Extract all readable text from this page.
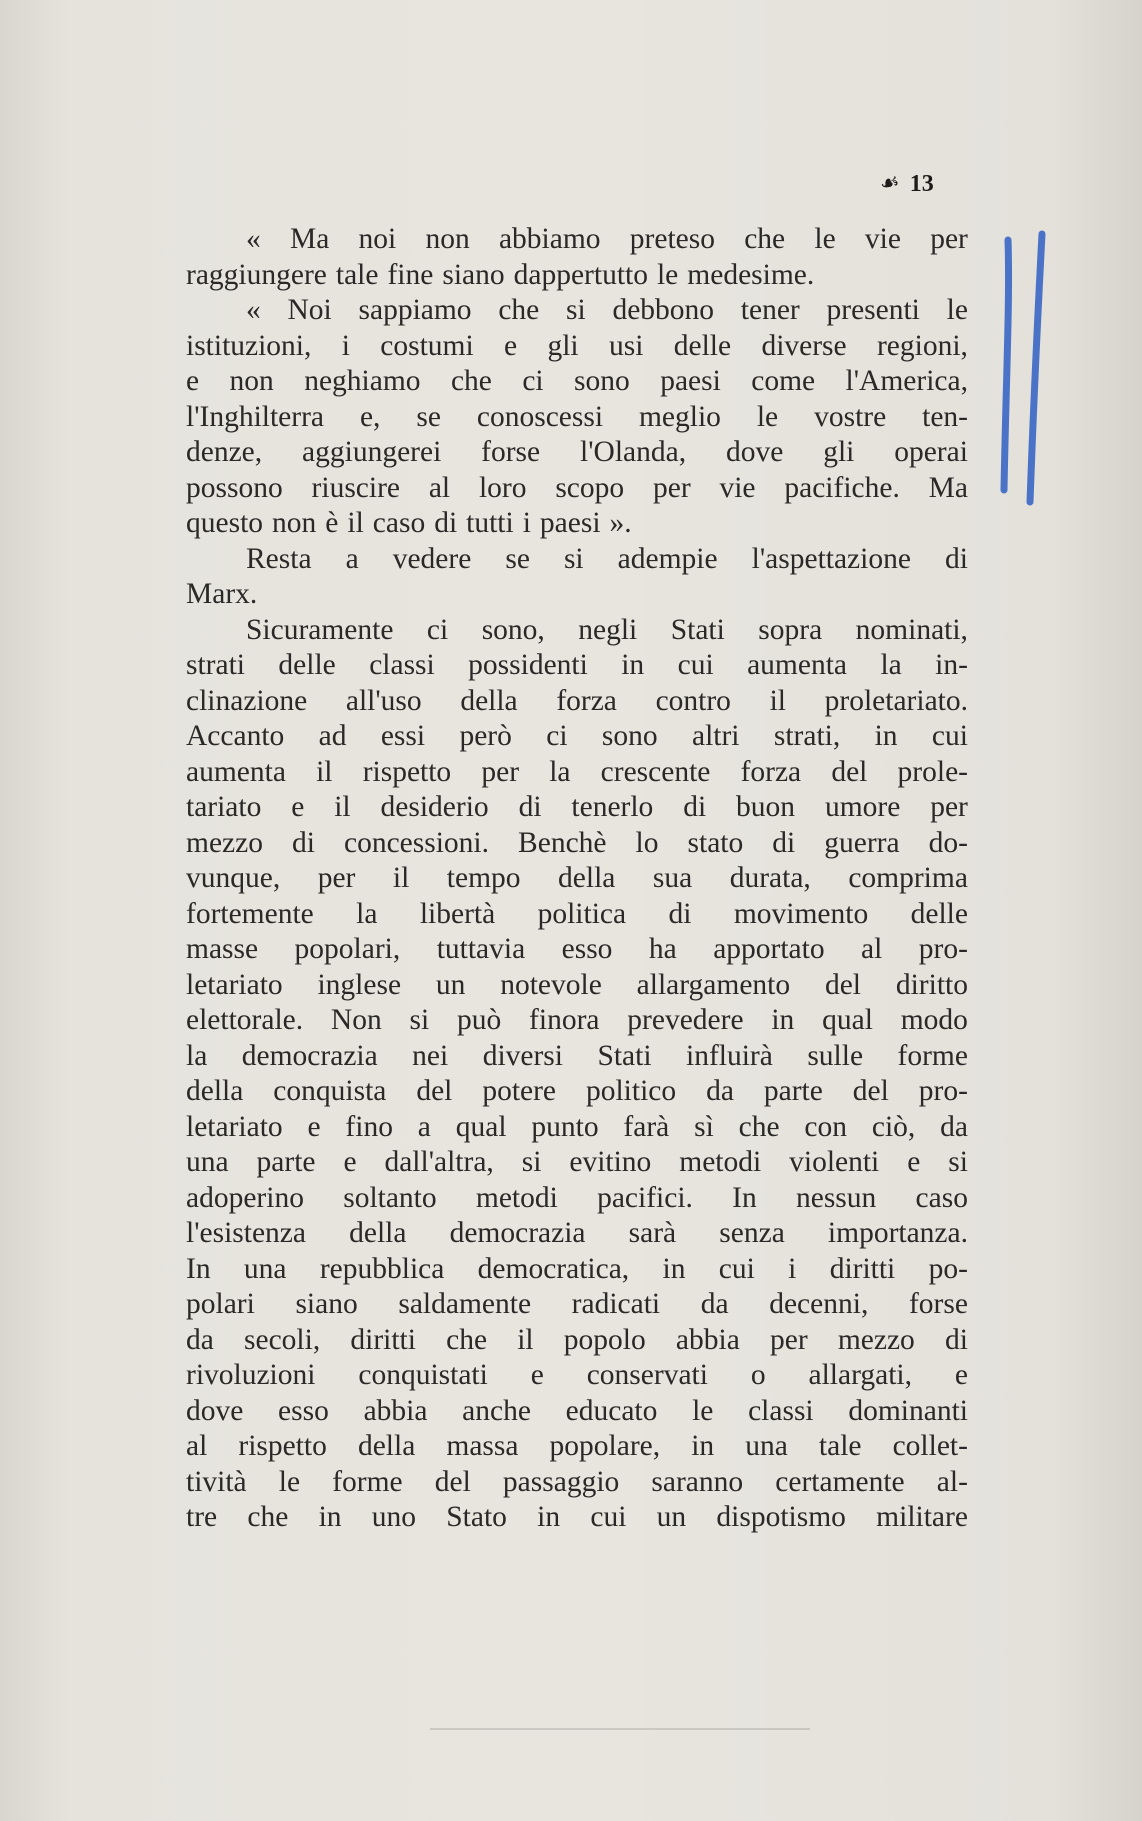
☙ 13
« Ma noi non abbiamo preteso che le vie per
raggiungere tale fine siano dappertutto le medesime.
« Noi sappiamo che si debbono tener presenti le
istituzioni, i costumi e gli usi delle diverse regioni,
e non neghiamo che ci sono paesi come l'America,
l'Inghilterra e, se conoscessi meglio le vostre ten-
denze, aggiungerei forse l'Olanda, dove gli operai
possono riuscire al loro scopo per vie pacifiche. Ma
questo non è il caso di tutti i paesi ».
Resta a vedere se si adempie l'aspettazione di
Marx.
Sicuramente ci sono, negli Stati sopra nominati,
strati delle classi possidenti in cui aumenta la in-
clinazione all'uso della forza contro il proletariato.
Accanto ad essi però ci sono altri strati, in cui
aumenta il rispetto per la crescente forza del prole-
tariato e il desiderio di tenerlo di buon umore per
mezzo di concessioni. Benchè lo stato di guerra do-
vunque, per il tempo della sua durata, comprima
fortemente la libertà politica di movimento delle
masse popolari, tuttavia esso ha apportato al pro-
letariato inglese un notevole allargamento del diritto
elettorale. Non si può finora prevedere in qual modo
la democrazia nei diversi Stati influirà sulle forme
della conquista del potere politico da parte del pro-
letariato e fino a qual punto farà sì che con ciò, da
una parte e dall'altra, si evitino metodi violenti e si
adoperino soltanto metodi pacifici. In nessun caso
l'esistenza della democrazia sarà senza importanza.
In una repubblica democratica, in cui i diritti po-
polari siano saldamente radicati da decenni, forse
da secoli, diritti che il popolo abbia per mezzo di
rivoluzioni conquistati e conservati o allargati, e
dove esso abbia anche educato le classi dominanti
al rispetto della massa popolare, in una tale collet-
tività le forme del passaggio saranno certamente al-
tre che in uno Stato in cui un dispotismo militare
